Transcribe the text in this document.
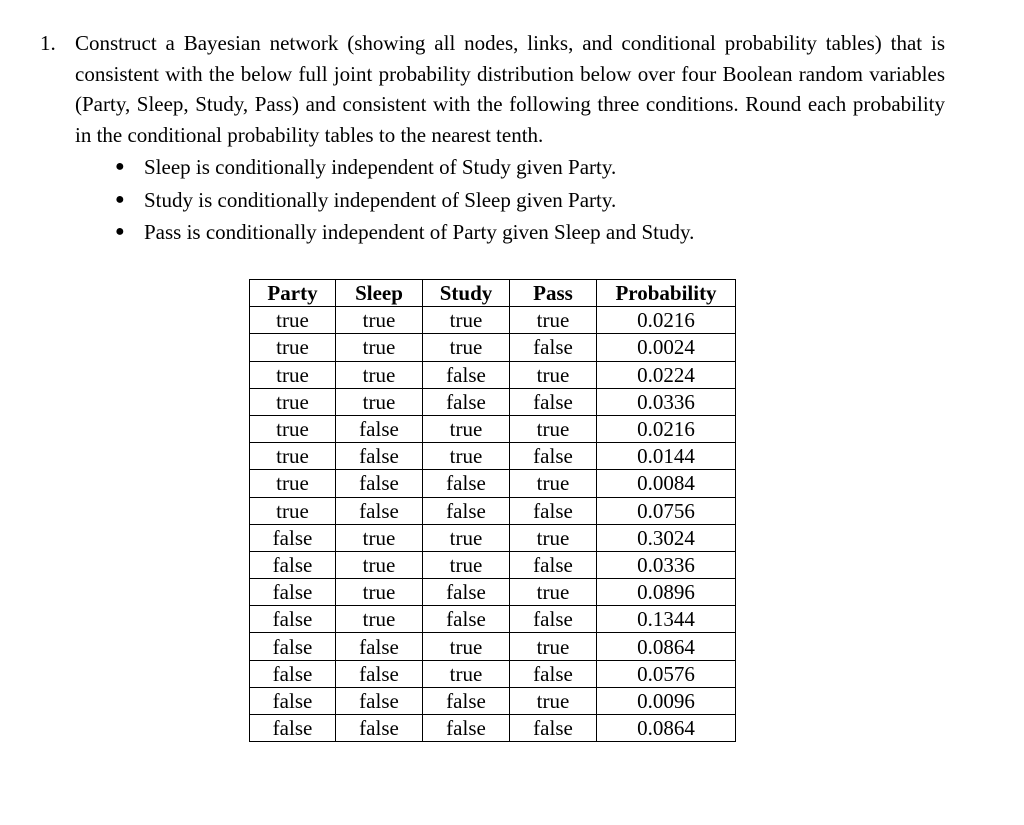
1. Construct a Bayesian network (showing all nodes, links, and conditional probability tables) that is consistent with the below full joint probability distribution below over four Boolean random variables (Party, Sleep, Study, Pass) and consistent with the following three conditions. Round each probability in the conditional probability tables to the nearest tenth.
● Sleep is conditionally independent of Study given Party.
● Study is conditionally independent of Sleep given Party.
● Pass is conditionally independent of Party given Sleep and Study.
Party	Sleep	Study	Pass	Probability
true	true	true	true	0.0216
true	true	true	false	0.0024
true	true	false	true	0.0224
true	true	false	false	0.0336
true	false	true	true	0.0216
true	false	true	false	0.0144
true	false	false	true	0.0084
true	false	false	false	0.0756
false	true	true	true	0.3024
false	true	true	false	0.0336
false	true	false	true	0.0896
false	true	false	false	0.1344
false	false	true	true	0.0864
false	false	true	false	0.0576
false	false	false	true	0.0096
false	false	false	false	0.0864
